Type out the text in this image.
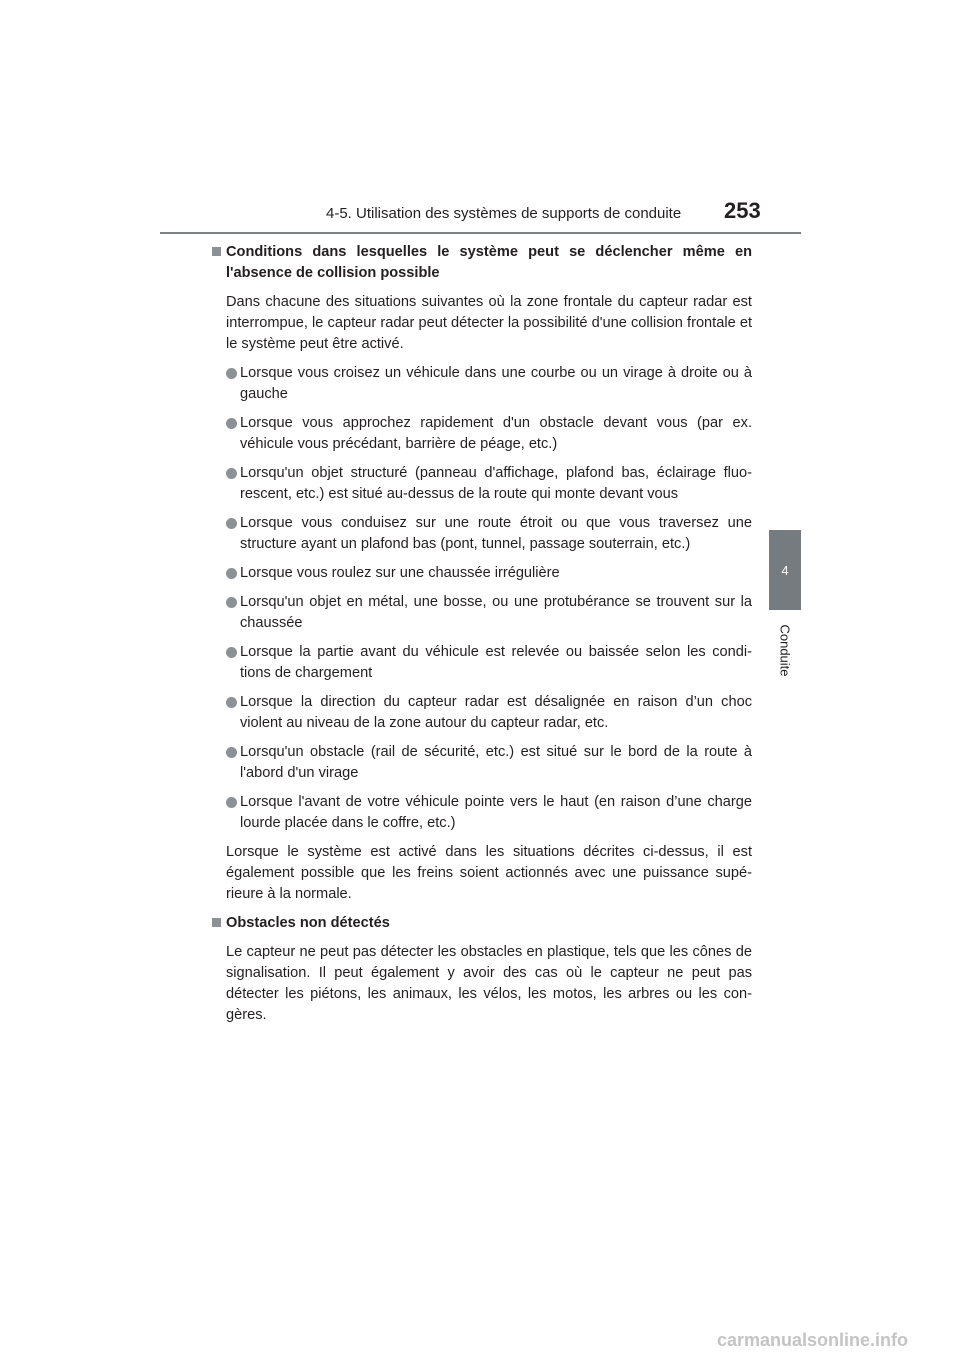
4-5. Utilisation des systèmes de supports de conduite 253
4
Conduite
Conditions dans lesquelles le système peut se déclencher même en l'absence de collision possible
Dans chacune des situations suivantes où la zone frontale du capteur radar est interrompue, le capteur radar peut détecter la possibilité d'une collision frontale et le système peut être activé.
Lorsque vous croisez un véhicule dans une courbe ou un virage à droite ou à gauche
Lorsque vous approchez rapidement d'un obstacle devant vous (par ex. véhicule vous précédant, barrière de péage, etc.)
Lorsqu'un objet structuré (panneau d'affichage, plafond bas, éclairage fluo-rescent, etc.) est situé au-dessus de la route qui monte devant vous
Lorsque vous conduisez sur une route étroit ou que vous traversez une structure ayant un plafond bas (pont, tunnel, passage souterrain, etc.)
Lorsque vous roulez sur une chaussée irrégulière
Lorsqu'un objet en métal, une bosse, ou une protubérance se trouvent sur la chaussée
Lorsque la partie avant du véhicule est relevée ou baissée selon les condi-tions de chargement
Lorsque la direction du capteur radar est désalignée en raison d’un choc violent au niveau de la zone autour du capteur radar, etc.
Lorsqu'un obstacle (rail de sécurité, etc.) est situé sur le bord de la route à l'abord d'un virage
Lorsque l'avant de votre véhicule pointe vers le haut (en raison d’une charge lourde placée dans le coffre, etc.)
Lorsque le système est activé dans les situations décrites ci-dessus, il est également possible que les freins soient actionnés avec une puissance supé-rieure à la normale.
Obstacles non détectés
Le capteur ne peut pas détecter les obstacles en plastique, tels que les cônes de signalisation. Il peut également y avoir des cas où le capteur ne peut pas détecter les piétons, les animaux, les vélos, les motos, les arbres ou les con-gères.
carmanualsonline.info
